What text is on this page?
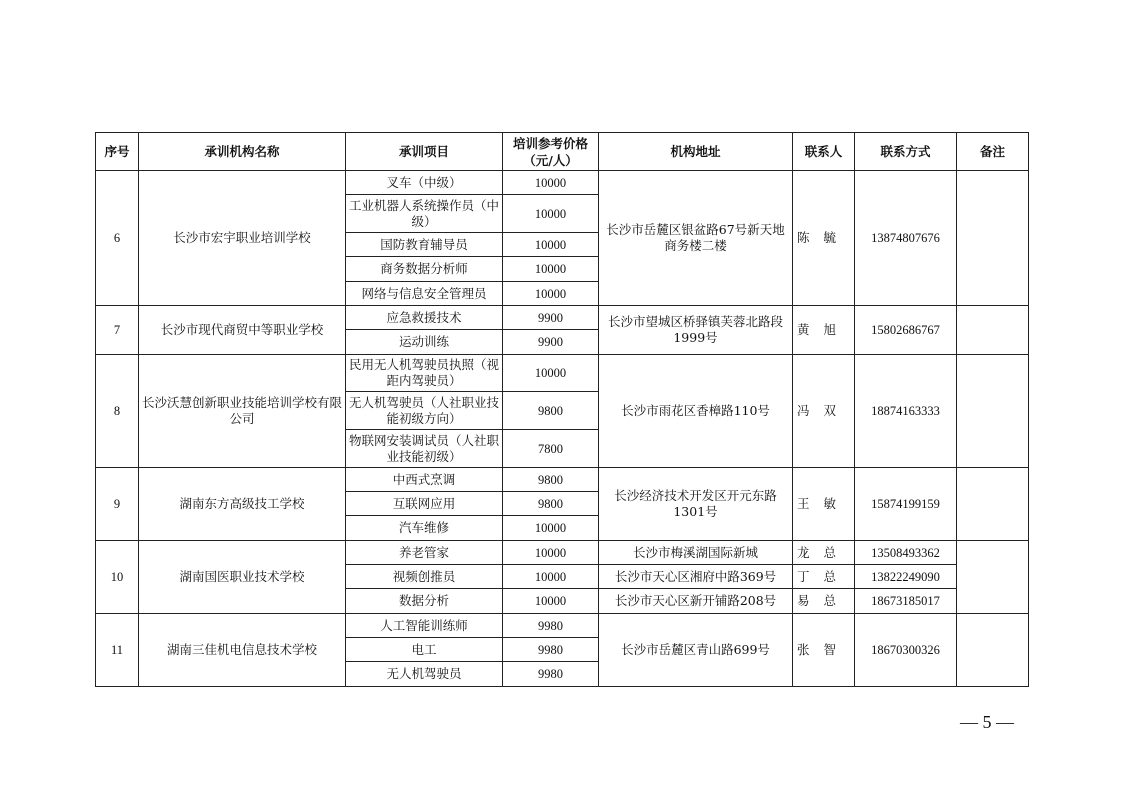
序号	承训机构名称	承训项目	培训参考价格（元/人）	机构地址	联系人	联系方式	备注
6	长沙市宏宇职业培训学校	叉车（中级）	10000	长沙市岳麓区银盆路67号新天地商务楼二楼	陈毓	13874807676	
		工业机器人系统操作员（中级）	10000				
		国防教育辅导员	10000				
		商务数据分析师	10000				
		网络与信息安全管理员	10000				
7	长沙市现代商贸中等职业学校	应急救援技术	9900	长沙市望城区桥驿镇芙蓉北路段1999号	黄旭	15802686767	
		运动训练	9900				
8	长沙沃慧创新职业技能培训学校有限公司	民用无人机驾驶员执照（视距内驾驶员）	10000	长沙市雨花区香樟路110号	冯双	18874163333	
		无人机驾驶员（人社职业技能初级方向）	9800				
		物联网安装调试员（人社职业技能初级）	7800				
9	湖南东方高级技工学校	中西式烹调	9800	长沙经济技术开发区开元东路1301号	王敏	15874199159	
		互联网应用	9800				
		汽车维修	10000				
10	湖南国医职业技术学校	养老管家	10000	长沙市梅溪湖国际新城	龙总	13508493362	
		视频创推员	10000	长沙市天心区湘府中路369号	丁总	13822249090	
		数据分析	10000	长沙市天心区新开铺路208号	易总	18673185017	
11	湖南三佳机电信息技术学校	人工智能训练师	9980	长沙市岳麓区青山路699号	张智	18670300326	
		电工	9980				
		无人机驾驶员	9980				
— 5 —
